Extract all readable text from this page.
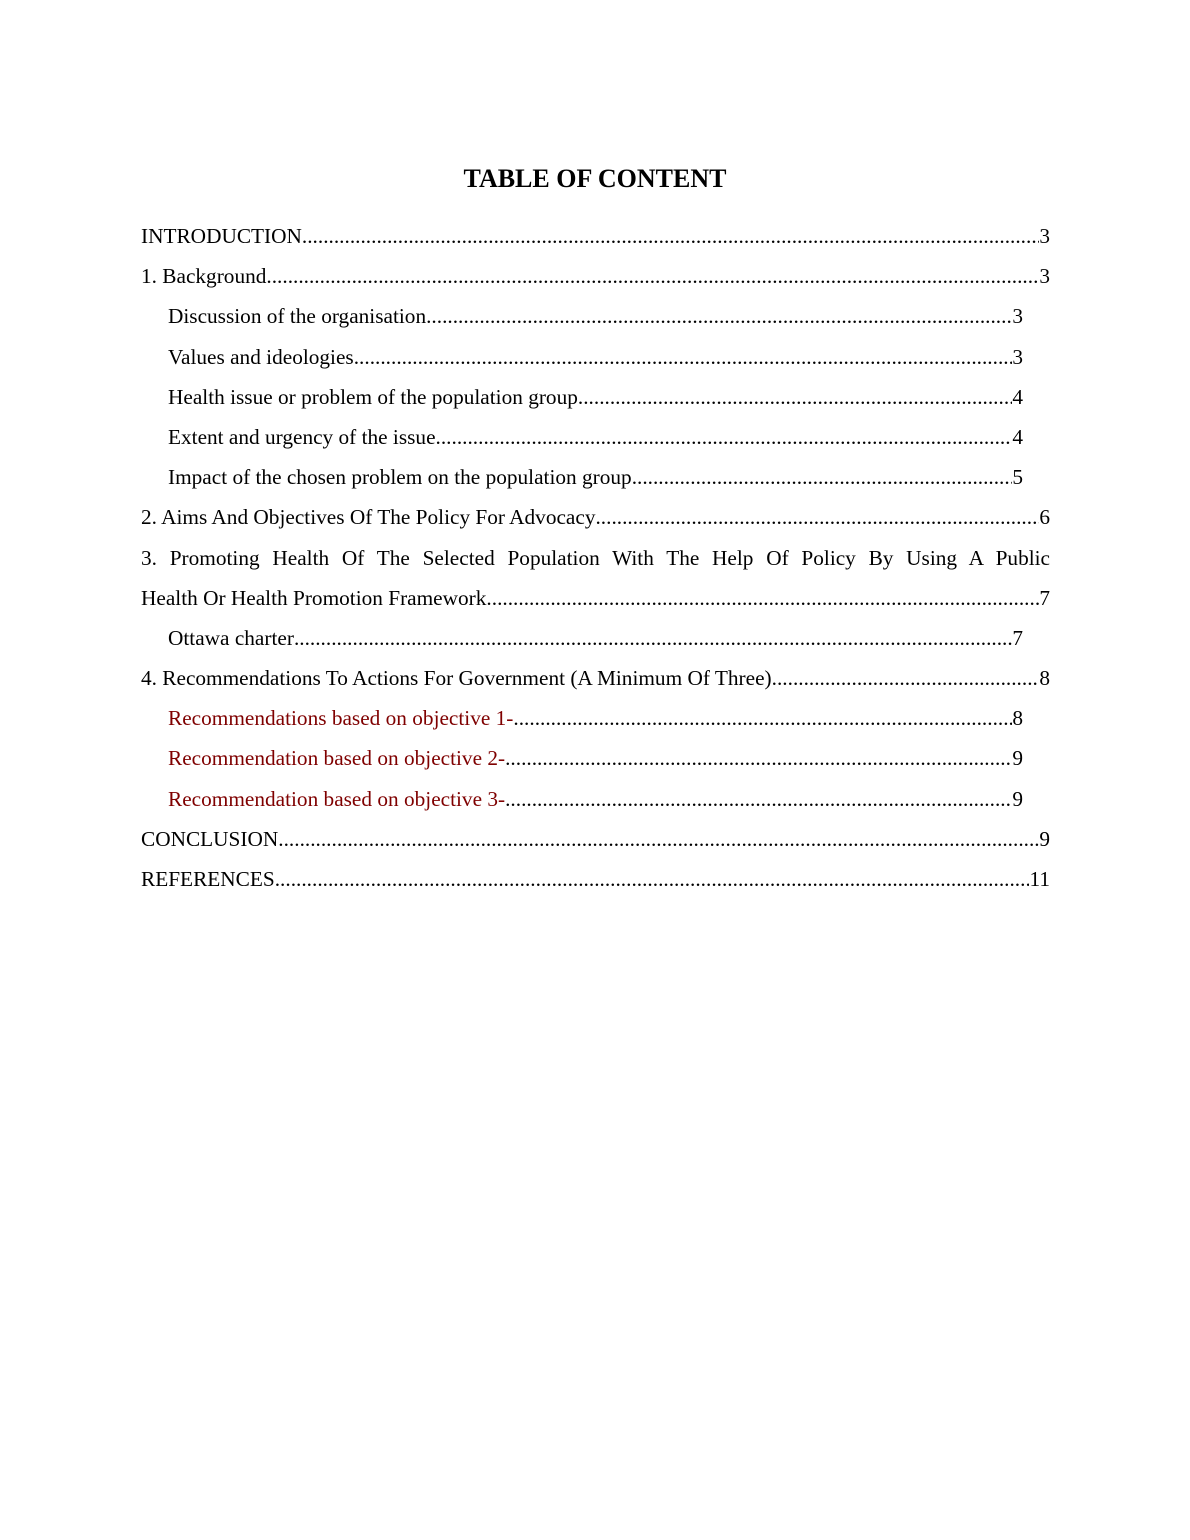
TABLE OF CONTENT
INTRODUCTION .....	3
1. Background .....	3
Discussion of the organisation .....	3
Values and ideologies .....	3
Health issue or problem of the population group .....	4
Extent and urgency of the issue .....	4
Impact of the chosen problem on the population group .....	5
2. Aims And Objectives Of The Policy For Advocacy .....	6
3. Promoting Health Of The Selected Population With The Help Of Policy By Using A Public
Health Or Health Promotion Framework .....	7
Ottawa charter .....	7
4. Recommendations To Actions For Government (A Minimum Of Three) .....	8
Recommendations based on objective 1- .....	8
Recommendation based on objective 2- .....	9
Recommendation based on objective 3- .....	9
CONCLUSION .....	9
REFERENCES .....	11
